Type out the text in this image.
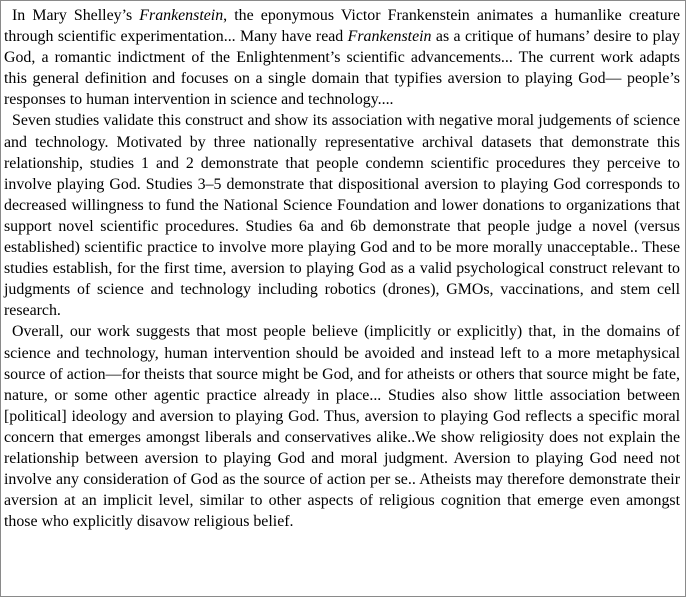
In Mary Shelley’s Frankenstein, the eponymous Victor Frankenstein animates a humanlike creature through scientific experimentation... Many have read Frankenstein as a critique of humans’ desire to play God, a romantic indictment of the Enlightenment’s scientific advancements... The current work adapts this general definition and focuses on a single domain that typifies aversion to playing God— people’s responses to human intervention in science and technology....

Seven studies validate this construct and show its association with negative moral judgements of science and technology. Motivated by three nationally representative archival datasets that demonstrate this relationship, studies 1 and 2 demonstrate that people condemn scientific procedures they perceive to involve playing God. Studies 3–5 demonstrate that dispositional aversion to playing God corresponds to decreased willingness to fund the National Science Foundation and lower donations to organizations that support novel scientific procedures. Studies 6a and 6b demonstrate that people judge a novel (versus established) scientific practice to involve more playing God and to be more morally unacceptable.. These studies establish, for the first time, aversion to playing God as a valid psychological construct relevant to judgments of science and technology including robotics (drones), GMOs, vaccinations, and stem cell research.

Overall, our work suggests that most people believe (implicitly or explicitly) that, in the domains of science and technology, human intervention should be avoided and instead left to a more metaphysical source of action—for theists that source might be God, and for atheists or others that source might be fate, nature, or some other agentic practice already in place... Studies also show little association between [political] ideology and aversion to playing God. Thus, aversion to playing God reflects a specific moral concern that emerges amongst liberals and conservatives alike..We show religiosity does not explain the relationship between aversion to playing God and moral judgment. Aversion to playing God need not involve any consideration of God as the source of action per se.. Atheists may therefore demonstrate their aversion at an implicit level, similar to other aspects of religious cognition that emerge even amongst those who explicitly disavow religious belief.
